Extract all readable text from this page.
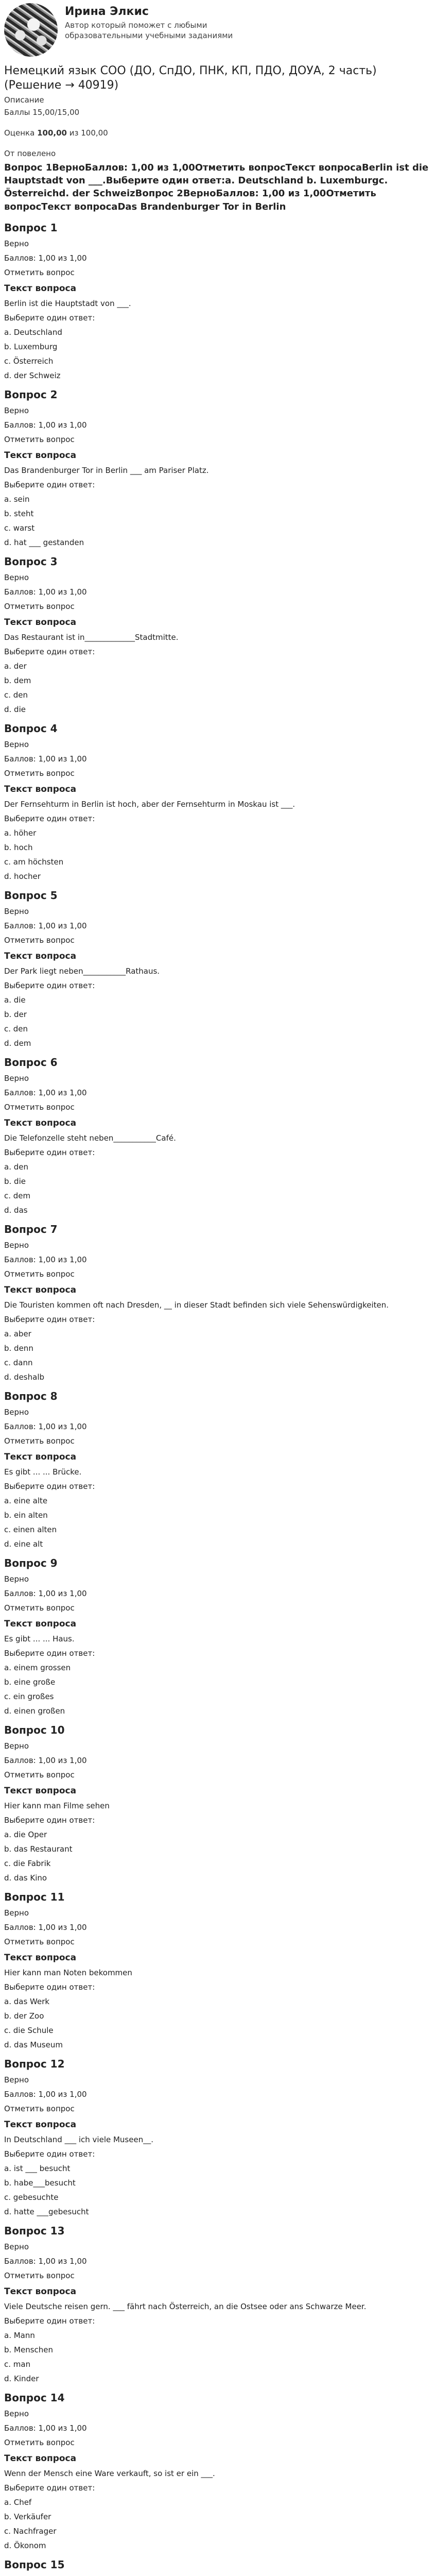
Ирина Элкис
Автор который поможет с любыми образовательными учебными заданиями
Немецкий язык СОО (ДО, СпДО, ПНК, КП, ПДО, ДОУА, 2 часть) (Решение → 40919)
Описание
Баллы 15,00/15,00
Оценка 100,00 из 100,00
От повелено
Вопрос 1ВерноБаллов: 1,00 из 1,00Отметить вопросТекст вопросаBerlin ist die Hauptstadt von ___.Выберите один ответ:a. Deutschland b. Luxemburgc. Österreichd. der SchweizВопрос 2ВерноБаллов: 1,00 из 1,00Отметить вопросТекст вопросаDas Brandenburger Tor in Berlin
Вопрос 1
Верно
Баллов: 1,00 из 1,00
Отметить вопрос
Текст вопроса
Berlin ist die Hauptstadt von ___.
Выберите один ответ:
a. Deutschland
b. Luxemburg
c. Österreich
d. der Schweiz
Вопрос 2
Верно
Баллов: 1,00 из 1,00
Отметить вопрос
Текст вопроса
Das Brandenburger Tor in Berlin ___ am Pariser Platz.
Выберите один ответ:
a. sein
b. steht
c. warst
d. hat ___ gestanden
Вопрос 3
Верно
Баллов: 1,00 из 1,00
Отметить вопрос
Текст вопроса
Das Restaurant ist in_____________Stadtmitte.
Выберите один ответ:
a. der
b. dem
c. den
d. die
Вопрос 4
Верно
Баллов: 1,00 из 1,00
Отметить вопрос
Текст вопроса
Der Fernsehturm in Berlin ist hoch, aber der Fernsehturm in Moskau ist ___.
Выберите один ответ:
a. höher
b. hoch
c. am höchsten
d. hocher
Вопрос 5
Верно
Баллов: 1,00 из 1,00
Отметить вопрос
Текст вопроса
Der Park liegt neben___________Rathaus.
Выберите один ответ:
a. die
b. der
c. den
d. dem
Вопрос 6
Верно
Баллов: 1,00 из 1,00
Отметить вопрос
Текст вопроса
Die Telefonzelle steht neben___________Café.
Выберите один ответ:
a. den
b. die
c. dem
d. das
Вопрос 7
Верно
Баллов: 1,00 из 1,00
Отметить вопрос
Текст вопроса
Die Touristen kommen oft nach Dresden, __ in dieser Stadt befinden sich viele Sehenswürdigkeiten.
Выберите один ответ:
a. aber
b. denn
c. dann
d. deshalb
Вопрос 8
Верно
Баллов: 1,00 из 1,00
Отметить вопрос
Текст вопроса
Es gibt ... ... Brücke.
Выберите один ответ:
a. eine alte
b. ein alten
c. einen alten
d. eine alt
Вопрос 9
Верно
Баллов: 1,00 из 1,00
Отметить вопрос
Текст вопроса
Es gibt ... ... Haus.
Выберите один ответ:
a. einem grossen
b. eine große
c. ein großes
d. einen großen
Вопрос 10
Верно
Баллов: 1,00 из 1,00
Отметить вопрос
Текст вопроса
Hier kann man Filme sehen
Выберите один ответ:
a. die Oper
b. das Restaurant
c. die Fabrik
d. das Kino
Вопрос 11
Верно
Баллов: 1,00 из 1,00
Отметить вопрос
Текст вопроса
Hier kann man Noten bekommen
Выберите один ответ:
a. das Werk
b. der Zoo
c. die Schule
d. das Museum
Вопрос 12
Верно
Баллов: 1,00 из 1,00
Отметить вопрос
Текст вопроса
In Deutschland ___ ich viele Museen__.
Выберите один ответ:
a. ist ___ besucht
b. habe___besucht
c. gebesuchte
d. hatte ___gebesucht
Вопрос 13
Верно
Баллов: 1,00 из 1,00
Отметить вопрос
Текст вопроса
Viele Deutsche reisen gern. ___ fährt nach Österreich, an die Ostsee oder ans Schwarze Meer.
Выберите один ответ:
a. Mann
b. Menschen
c. man
d. Kinder
Вопрос 14
Верно
Баллов: 1,00 из 1,00
Отметить вопрос
Текст вопроса
Wenn der Mensch eine Ware verkauft, so ist er ein ___.
Выберите один ответ:
a. Chef
b. Verkäufer
c. Nachfrager
d. Ökonom
Вопрос 15
